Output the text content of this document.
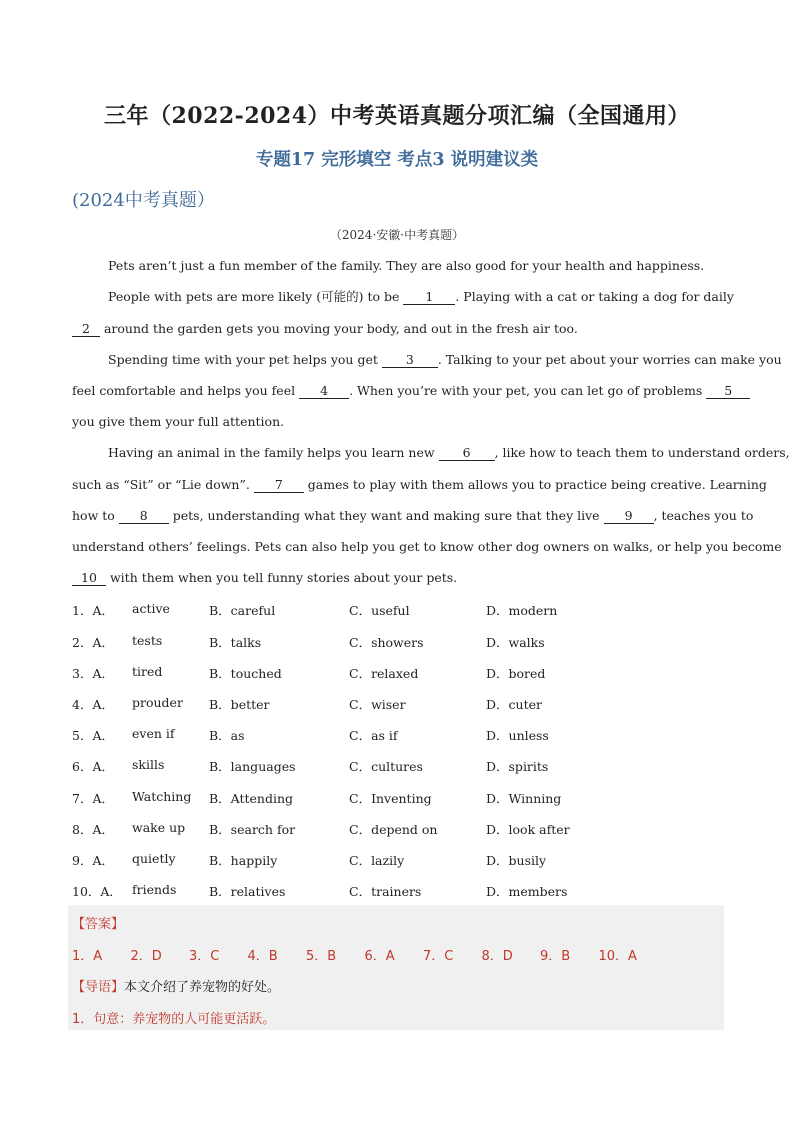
三年（2022-2024）中考英语真题分项汇编（全国通用）
专题17 完形填空 考点3 说明建议类
(2024中考真题）
（2024·安徽·中考真题）
Pets aren’t just a fun member of the family. They are also good for your health and happiness.
People with pets are more likely (可能的) to be 1 . Playing with a cat or taking a dog for daily
2 around the garden gets you moving your body, and out in the fresh air too.
Spending time with your pet helps you get 3 . Talking to your pet about your worries can make you
feel comfortable and helps you feel 4 . When you’re with your pet, you can let go of problems 5
you give them your full attention.
Having an animal in the family helps you learn new 6 , like how to teach them to understand orders,
such as “Sit” or “Lie down”. 7 games to play with them allows you to practice being creative. Learning
how to 8 pets, understanding what they want and making sure that they live 9 , teaches you to
understand others’ feelings. Pets can also help you get to know other dog owners on walks, or help you become
10 with them when you tell funny stories about your pets.
1．A． active	B．careful	C．useful	D．modern
2．A． tests	B．talks	C．showers	D．walks
3．A． tired	B．touched	C．relaxed	D．bored
4．A． prouder B．better	C．wiser	D．cuter
5．A． even if	B．as	C．as if	D．unless
6．A． skills	B．languages	C．cultures	D．spirits
7．A． Watching B．Attending	C．Inventing	D．Winning
8．A． wake up B．search for	C．depend on	D．look after
9．A． quietly	B．happily	C．lazily	D．busily
10．A． friends	B．relatives	C．trainers	D．members
【答案】
1．A 2．D 3．C 4．B 5．B 6．A 7．C 8．D 9．B 10．A
【导语】本文介绍了养宠物的好处。
1．句意：养宠物的人可能更活跃。
